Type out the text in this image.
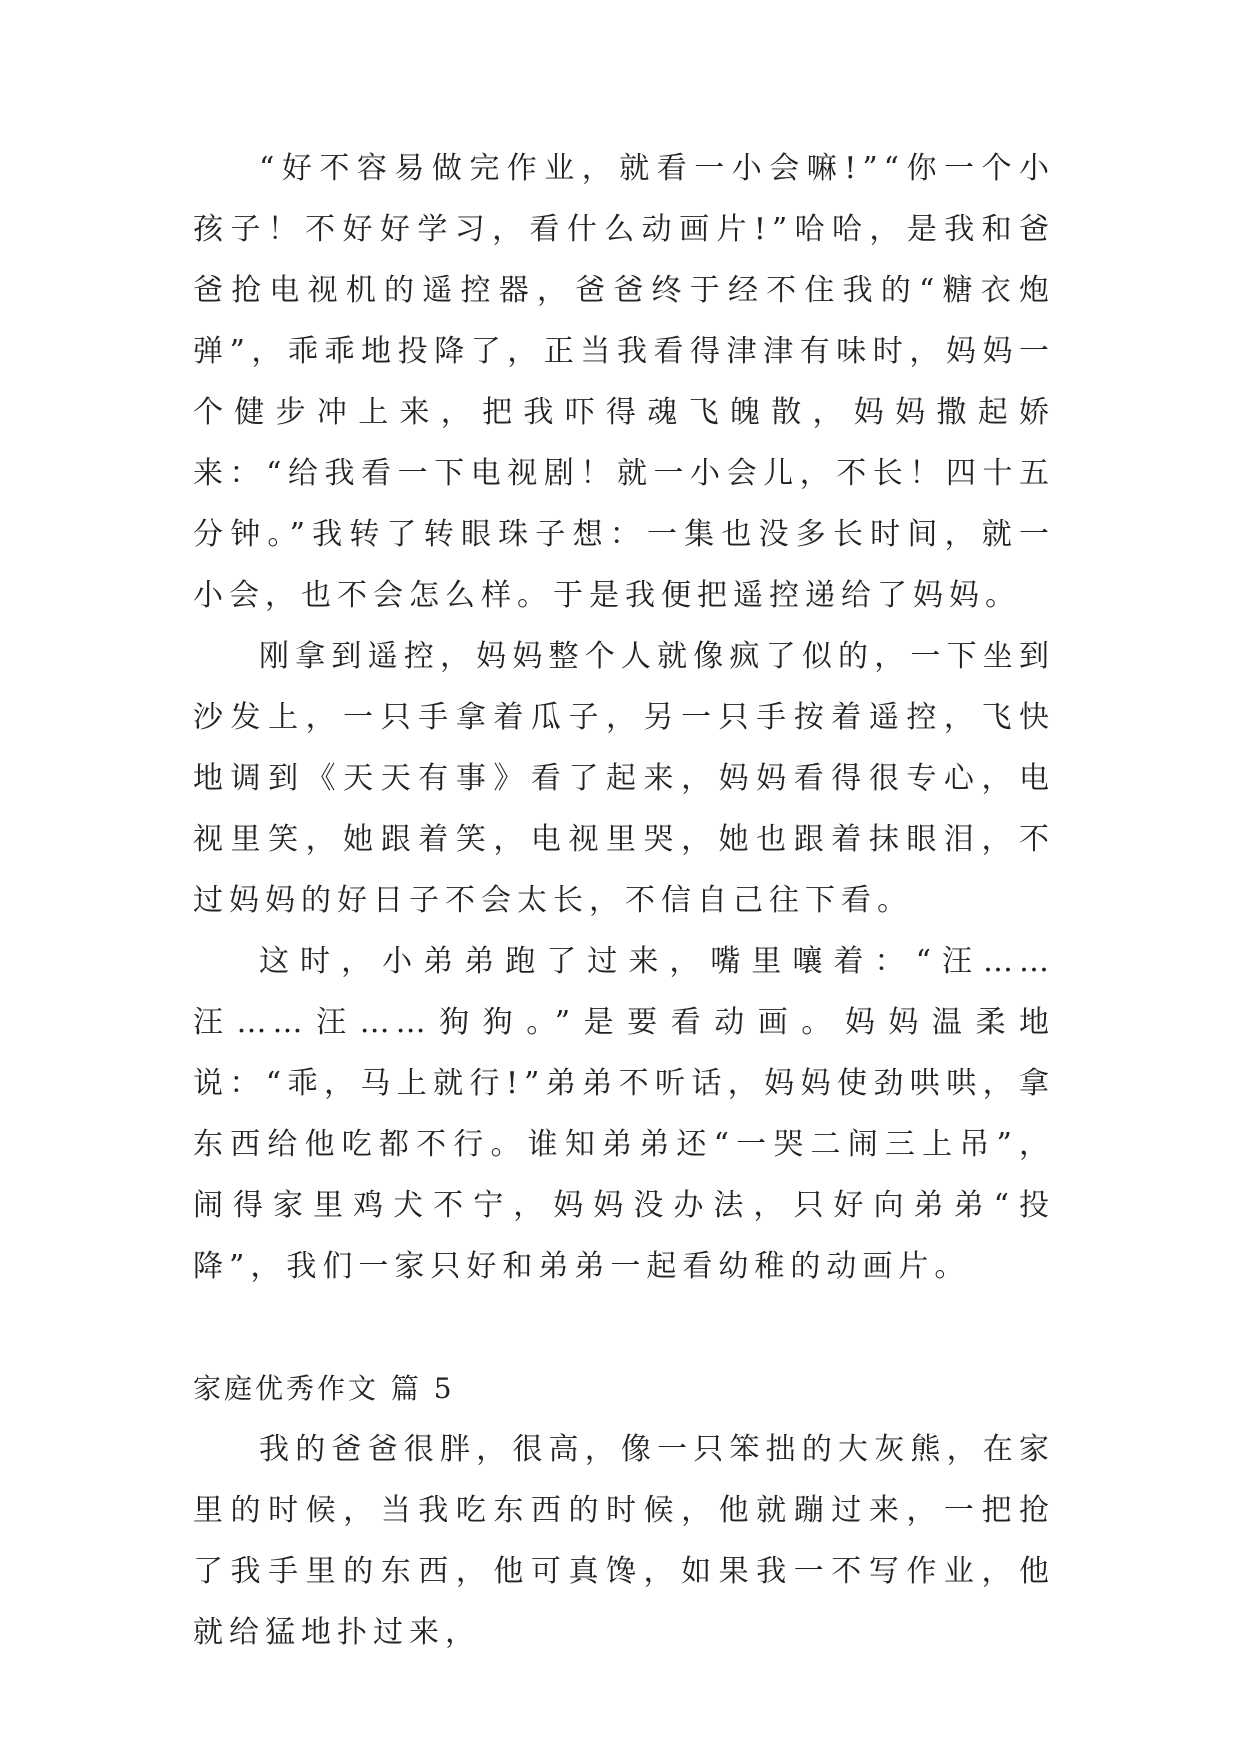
“好不容易做完作业，就看一小会嘛!”“你一个小孩子！不好好学习，看什么动画片!”哈哈，是我和爸爸抢电视机的遥控器，爸爸终于经不住我的“糖衣炮弹”，乖乖地投降了，正当我看得津津有味时，妈妈一个健步冲上来，把我吓得魂飞魄散，妈妈撒起娇来：“给我看一下电视剧！就一小会儿，不长！四十五分钟。”我转了转眼珠子想：一集也没多长时间，就一小会，也不会怎么样。于是我便把遥控递给了妈妈。

刚拿到遥控，妈妈整个人就像疯了似的，一下坐到沙发上，一只手拿着瓜子，另一只手按着遥控，飞快地调到《天天有事》看了起来，妈妈看得很专心，电视里笑，她跟着笑，电视里哭，她也跟着抹眼泪，不过妈妈的好日子不会太长，不信自己往下看。

这时，小弟弟跑了过来，嘴里嚷着：“汪……汪……汪……狗狗。”是要看动画。妈妈温柔地说：“乖，马上就行!”弟弟不听话，妈妈使劲哄哄，拿东西给他吃都不行。谁知弟弟还“一哭二闹三上吊”，闹得家里鸡犬不宁，妈妈没办法，只好向弟弟“投降”，我们一家只好和弟弟一起看幼稚的动画片。

家庭优秀作文 篇 5

我的爸爸很胖，很高，像一只笨拙的大灰熊，在家里的时候，当我吃东西的时候，他就蹦过来，一把抢了我手里的东西，他可真馋，如果我一不写作业，他就给猛地扑过来，
